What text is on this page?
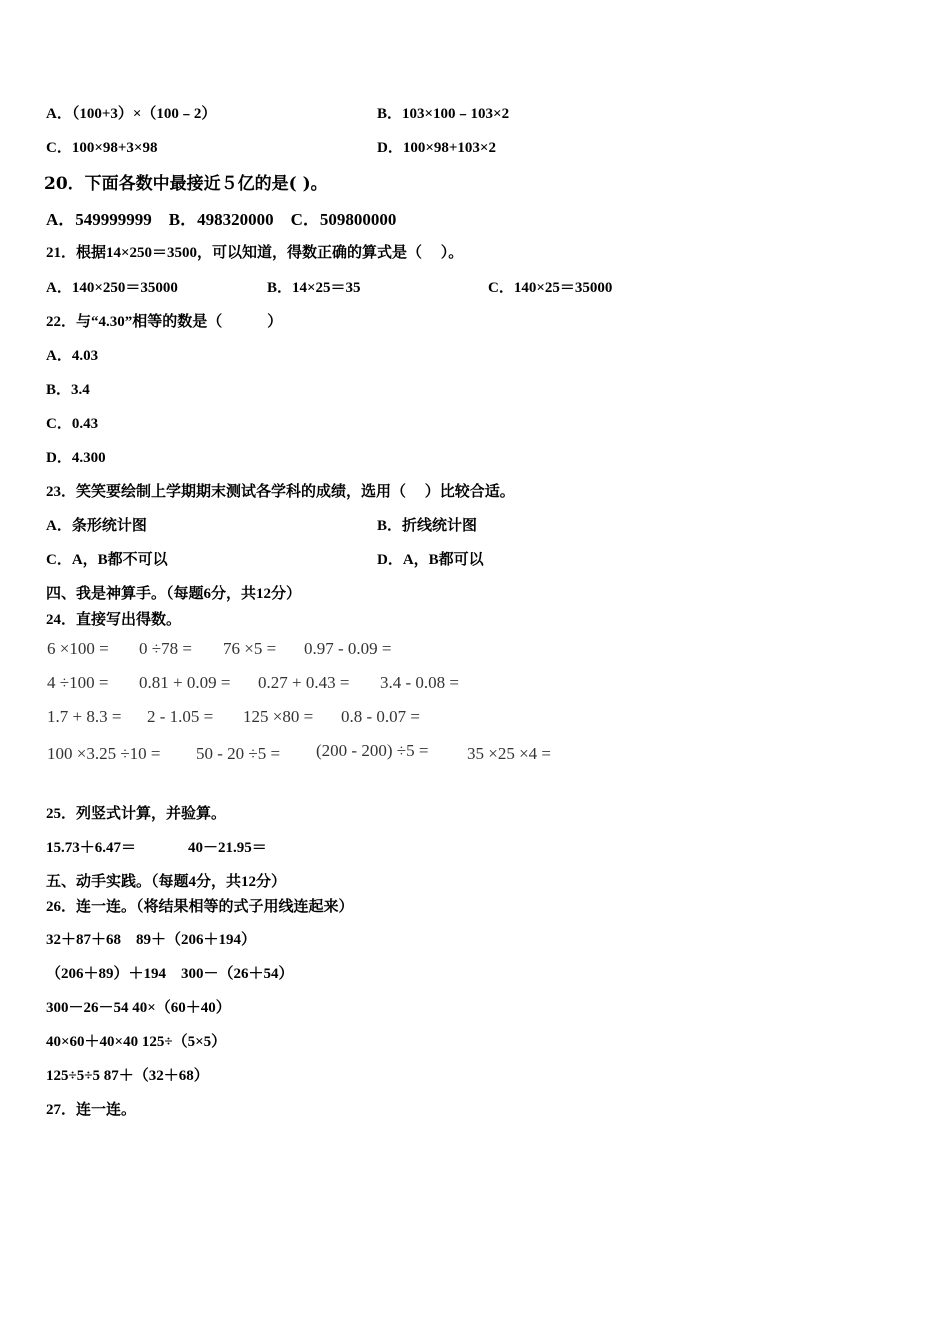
A．（100+3）×（100﹣2）	B．103×100﹣103×2
C．100×98+3×98	D．100×98+103×2
20．下面各数中最接近５亿的是( )。
A．549999999　B．498320000　C．509800000
21．根据14×250＝3500，可以知道，得数正确的算式是（　 ）。
A．140×250＝35000	B．14×25＝35	C．140×25＝35000
22．与“4.30”相等的数是（　　　）
A．4.03
B．3.4
C．0.43
D．4.300
23．笑笑要绘制上学期期末测试各学科的成绩，选用（　 ）比较合适。
A．条形统计图	B．折线统计图
C．A，B都不可以	D．A，B都可以
四、我是神算手。（每题6分，共12分）
24．直接写出得数。
6 ×100 = 0 ÷78 = 76 ×5 = 0.97 - 0.09 =
4 ÷100 = 0.81 + 0.09 = 0.27 + 0.43 = 3.4 - 0.08 =
1.7 + 8.3 = 2 - 1.05 = 125 ×80 = 0.8 - 0.07 =
100 ×3.25 ÷10 = 50 - 20 ÷5 = (200 - 200) ÷5 = 35 ×25 ×4 =
25．列竖式计算，并验算。
15.73＋6.47＝	40－21.95＝
五、动手实践。（每题4分，共12分）
26．连一连。（将结果相等的式子用线连起来）
32＋87＋68　89＋（206＋194）
（206＋89）＋194　300－（26＋54）
300－26－54 40×（60＋40）
40×60＋40×40 125÷（5×5）
125÷5÷5 87＋（32＋68）
27．连一连。
